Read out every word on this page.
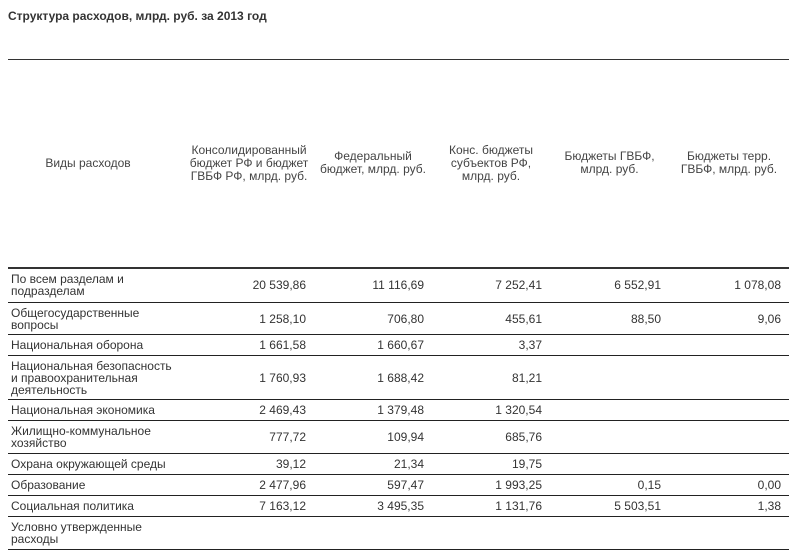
Структура расходов, млрд. руб. за 2013 год
Виды расходов	Консолидированный бюджет РФ и бюджет ГВБФ РФ, млрд. руб.	Федеральный бюджет, млрд. руб.	Конс. бюджеты субъектов РФ, млрд. руб.	Бюджеты ГВБФ, млрд. руб.	Бюджеты терр. ГВБФ, млрд. руб.
По всем разделам и подразделам	20 539,86	11 116,69	7 252,41	6 552,91	1 078,08
Общегосударственные вопросы	1 258,10	706,80	455,61	88,50	9,06
Национальная оборона	1 661,58	1 660,67	3,37		
Национальная безопасность и правоохранительная деятельность	1 760,93	1 688,42	81,21		
Национальная экономика	2 469,43	1 379,48	1 320,54		
Жилищно-коммунальное хозяйство	777,72	109,94	685,76		
Охрана окружающей среды	39,12	21,34	19,75		
Образование	2 477,96	597,47	1 993,25	0,15	0,00
Социальная политика	7 163,12	3 495,35	1 131,76	5 503,51	1,38
Условно утвержденные расходы					
